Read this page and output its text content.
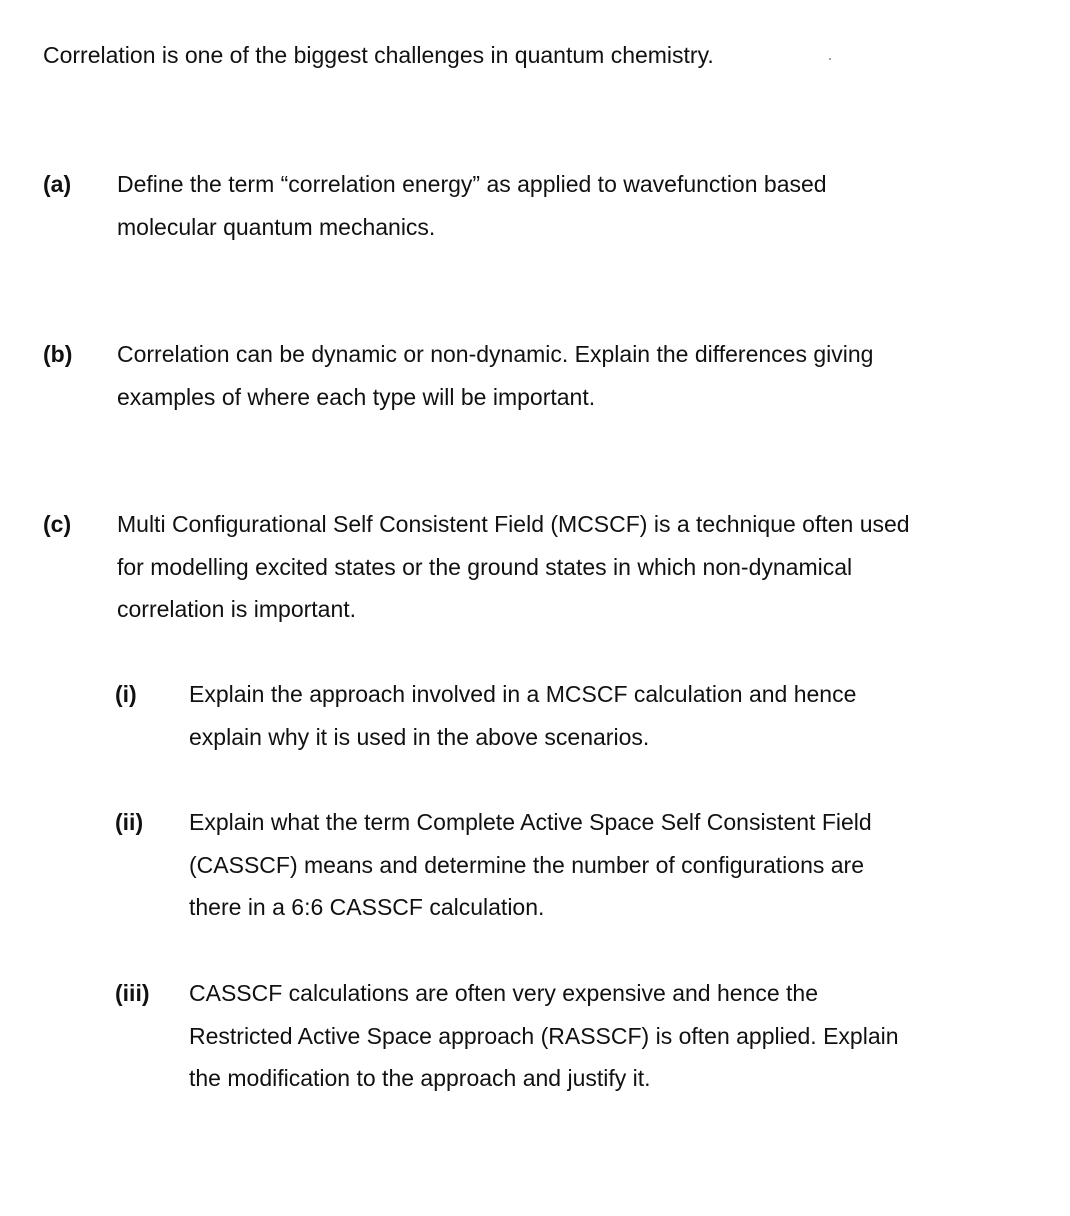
Correlation is one of the biggest challenges in quantum chemistry.

(a) Define the term “correlation energy” as applied to wavefunction based
molecular quantum mechanics.
(b) Correlation can be dynamic or non-dynamic. Explain the differences giving
examples of where each type will be important.
(c) Multi Configurational Self Consistent Field (MCSCF) is a technique often used
for modelling excited states or the ground states in which non-dynamical
correlation is important.
(i) Explain the approach involved in a MCSCF calculation and hence
explain why it is used in the above scenarios.
(ii) Explain what the term Complete Active Space Self Consistent Field
(CASSCF) means and determine the number of configurations are
there in a 6:6 CASSCF calculation.
(iii) CASSCF calculations are often very expensive and hence the
Restricted Active Space approach (RASSCF) is often applied. Explain
the modification to the approach and justify it.
